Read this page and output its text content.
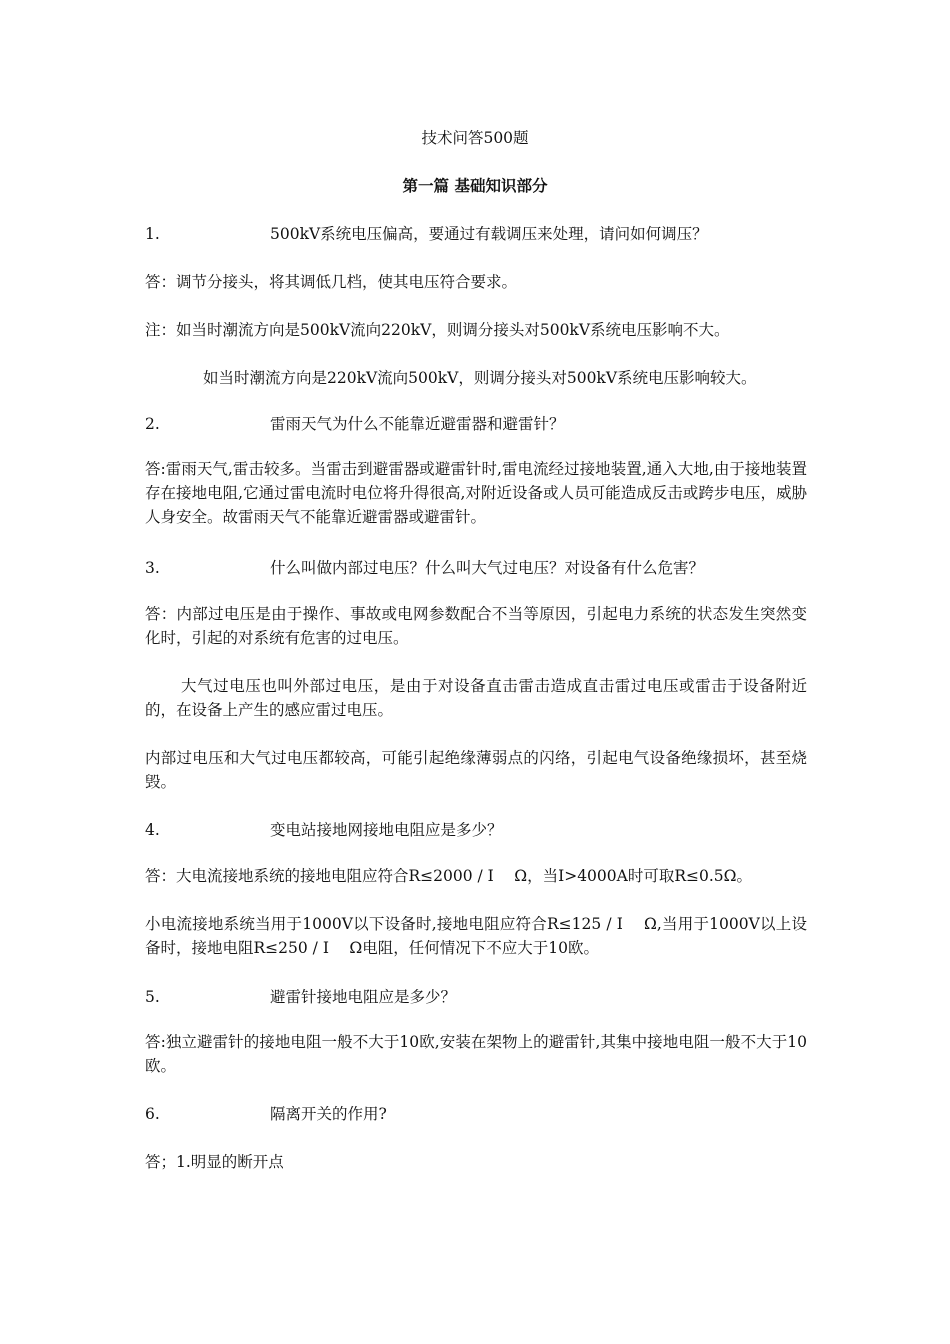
技术问答500题
第一篇 基础知识部分
1.	500kV系统电压偏高，要通过有载调压来处理，请问如何调压？
答：调节分接头，将其调低几档，使其电压符合要求。
注：如当时潮流方向是500kV流向220kV，则调分接头对500kV系统电压影响不大。
如当时潮流方向是220kV流向500kV，则调分接头对500kV系统电压影响较大。
2.	雷雨天气为什么不能靠近避雷器和避雷针？
答:雷雨天气,雷击较多。当雷击到避雷器或避雷针时,雷电流经过接地装置,通入大地,由于接地装置存在接地电阻,它通过雷电流时电位将升得很高,对附近设备或人员可能造成反击或跨步电压，威胁人身安全。故雷雨天气不能靠近避雷器或避雷针。
3.	什么叫做内部过电压？什么叫大气过电压？对设备有什么危害？
答：内部过电压是由于操作、事故或电网参数配合不当等原因，引起电力系统的状态发生突然变化时，引起的对系统有危害的过电压。
大气过电压也叫外部过电压，是由于对设备直击雷击造成直击雷过电压或雷击于设备附近的，在设备上产生的感应雷过电压。
内部过电压和大气过电压都较高，可能引起绝缘薄弱点的闪络，引起电气设备绝缘损坏，甚至烧毁。
4.	变电站接地网接地电阻应是多少？
答：大电流接地系统的接地电阻应符合R≤2000 / I　 Ω，当I>4000A时可取R≤0.5Ω。
小电流接地系统当用于1000V以下设备时,接地电阻应符合R≤125 / I　 Ω,当用于1000V以上设备时，接地电阻R≤250 / I　 Ω电阻，任何情况下不应大于10欧。
5.	避雷针接地电阻应是多少？
答:独立避雷针的接地电阻一般不大于10欧,安装在架物上的避雷针,其集中接地电阻一般不大于10欧。
6.	隔离开关的作用?
答；1.明显的断开点
